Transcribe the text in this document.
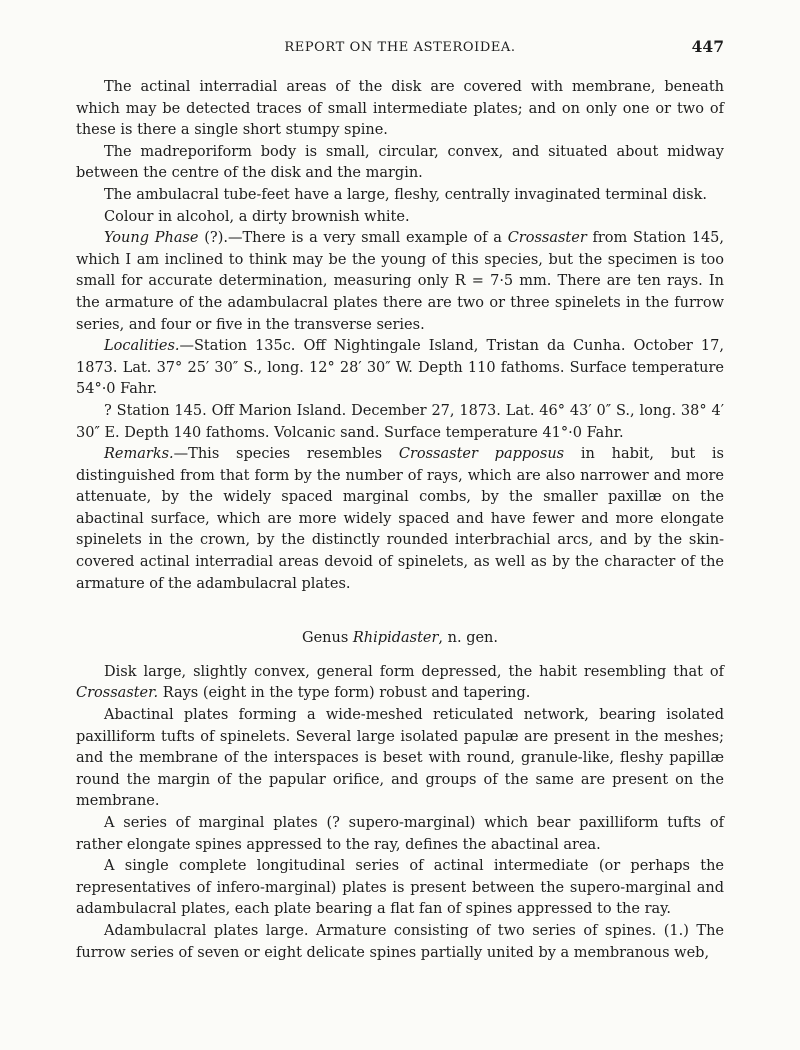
REPORT ON THE ASTEROIDEA.	447

The actinal interradial areas of the disk are covered with membrane, beneath which may be detected traces of small intermediate plates; and on only one or two of these is there a single short stumpy spine.

The madreporiform body is small, circular, convex, and situated about midway between the centre of the disk and the margin.

The ambulacral tube-feet have a large, fleshy, centrally invaginated terminal disk.

Colour in alcohol, a dirty brownish white.

Young Phase (?).—There is a very small example of a Crossaster from Station 145, which I am inclined to think may be the young of this species, but the specimen is too small for accurate determination, measuring only R = 7·5 mm. There are ten rays. In the armature of the adambulacral plates there are two or three spinelets in the furrow series, and four or five in the transverse series.

Localities.—Station 135c. Off Nightingale Island, Tristan da Cunha. October 17, 1873. Lat. 37° 25′ 30″ S., long. 12° 28′ 30″ W. Depth 110 fathoms. Surface temperature 54°·0 Fahr.

? Station 145. Off Marion Island. December 27, 1873. Lat. 46° 43′ 0″ S., long. 38° 4′ 30″ E. Depth 140 fathoms. Volcanic sand. Surface temperature 41°·0 Fahr.

Remarks.—This species resembles Crossaster papposus in habit, but is distinguished from that form by the number of rays, which are also narrower and more attenuate, by the widely spaced marginal combs, by the smaller paxillæ on the abactinal surface, which are more widely spaced and have fewer and more elongate spinelets in the crown, by the distinctly rounded interbrachial arcs, and by the skin-covered actinal interradial areas devoid of spinelets, as well as by the character of the armature of the adambulacral plates.

Genus Rhipidaster, n. gen.

Disk large, slightly convex, general form depressed, the habit resembling that of Crossaster. Rays (eight in the type form) robust and tapering.

Abactinal plates forming a wide-meshed reticulated network, bearing isolated paxilliform tufts of spinelets. Several large isolated papulæ are present in the meshes; and the membrane of the interspaces is beset with round, granule-like, fleshy papillæ round the margin of the papular orifice, and groups of the same are present on the membrane.

A series of marginal plates (? supero-marginal) which bear paxilliform tufts of rather elongate spines appressed to the ray, defines the abactinal area.

A single complete longitudinal series of actinal intermediate (or perhaps the representatives of infero-marginal) plates is present between the supero-marginal and adambulacral plates, each plate bearing a flat fan of spines appressed to the ray.

Adambulacral plates large. Armature consisting of two series of spines. (1.) The furrow series of seven or eight delicate spines partially united by a membranous web,
